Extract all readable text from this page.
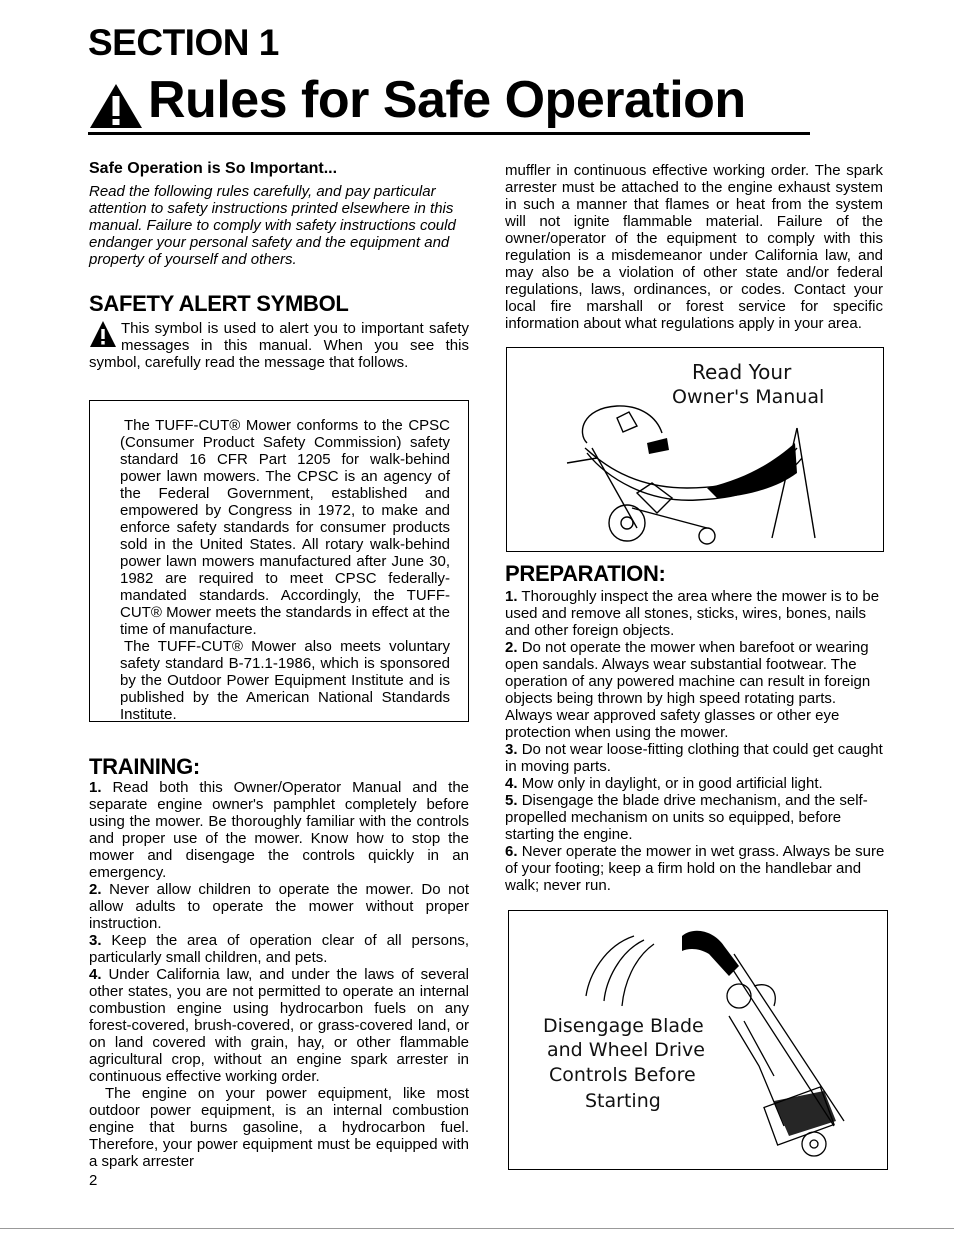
SECTION 1
Rules for Safe Operation
Safe Operation is So Important...

Read the following rules carefully, and pay particular attention to safety instructions printed elsewhere in this manual. Failure to comply with safety instructions could endanger your personal safety and the equipment and property of yourself and others.

SAFETY ALERT SYMBOL

This symbol is used to alert you to important safety messages in this manual. When you see this symbol, carefully read the message that follows.

The TUFF-CUT® Mower conforms to the CPSC (Consumer Product Safety Commission) safety standard 16 CFR Part 1205 for walk-behind power lawn mowers. The CPSC is an agency of the Federal Government, established and empowered by Congress in 1972, to make and enforce safety standards for consumer products sold in the United States. All rotary walk-behind power lawn mowers manufactured after June 30, 1982 are required to meet CPSC federally-mandated standards. Accordingly, the TUFF-CUT® Mower meets the standards in effect at the time of manufacture.

The TUFF-CUT® Mower also meets voluntary safety standard B-71.1-1986, which is sponsored by the Outdoor Power Equipment Institute and is published by the American National Standards Institute.

TRAINING:

1. Read both this Owner/Operator Manual and the separate engine owner's pamphlet completely before using the mower. Be thoroughly familiar with the controls and proper use of the mower. Know how to stop the mower and disengage the controls quickly in an emergency.

2. Never allow children to operate the mower. Do not allow adults to operate the mower without proper instruction.

3. Keep the area of operation clear of all persons, particularly small children, and pets.

4. Under California law, and under the laws of several other states, you are not permitted to operate an internal combustion engine using hydrocarbon fuels on any forest-covered, brush-covered, or grass-covered land, or on land covered with grain, hay, or other flammable agricultural crop, without an engine spark arrester in continuous effective working order.

The engine on your power equipment, like most outdoor power equipment, is an internal combustion engine that burns gasoline, a hydrocarbon fuel. Therefore, your power equipment must be equipped with a spark arrester

muffler in continuous effective working order. The spark arrester must be attached to the engine exhaust system in such a manner that flames or heat from the system will not ignite flammable material. Failure of the owner/operator of the equipment to comply with this regulation is a misdemeanor under California law, and may also be a violation of other state and/or federal regulations, laws, ordinances, or codes. Contact your local fire marshall or forest service for specific information about what regulations apply in your area.

Read Your
Owner's Manual
PREPARATION:

1. Thoroughly inspect the area where the mower is to be used and remove all stones, sticks, wires, bones, nails and other foreign objects.

2. Do not operate the mower when barefoot or wearing open sandals. Always wear substantial footwear. The operation of any powered machine can result in foreign objects being thrown by high speed rotating parts. Always wear approved safety glasses or other eye protection when using the mower.

3. Do not wear loose-fitting clothing that could get caught in moving parts.

4. Mow only in daylight, or in good artificial light.

5. Disengage the blade drive mechanism, and the self-propelled mechanism on units so equipped, before starting the engine.

6. Never operate the mower in wet grass. Always be sure of your footing; keep a firm hold on the handlebar and walk; never run.

Disengage Blade
and Wheel Drive
Controls Before
Starting
2
